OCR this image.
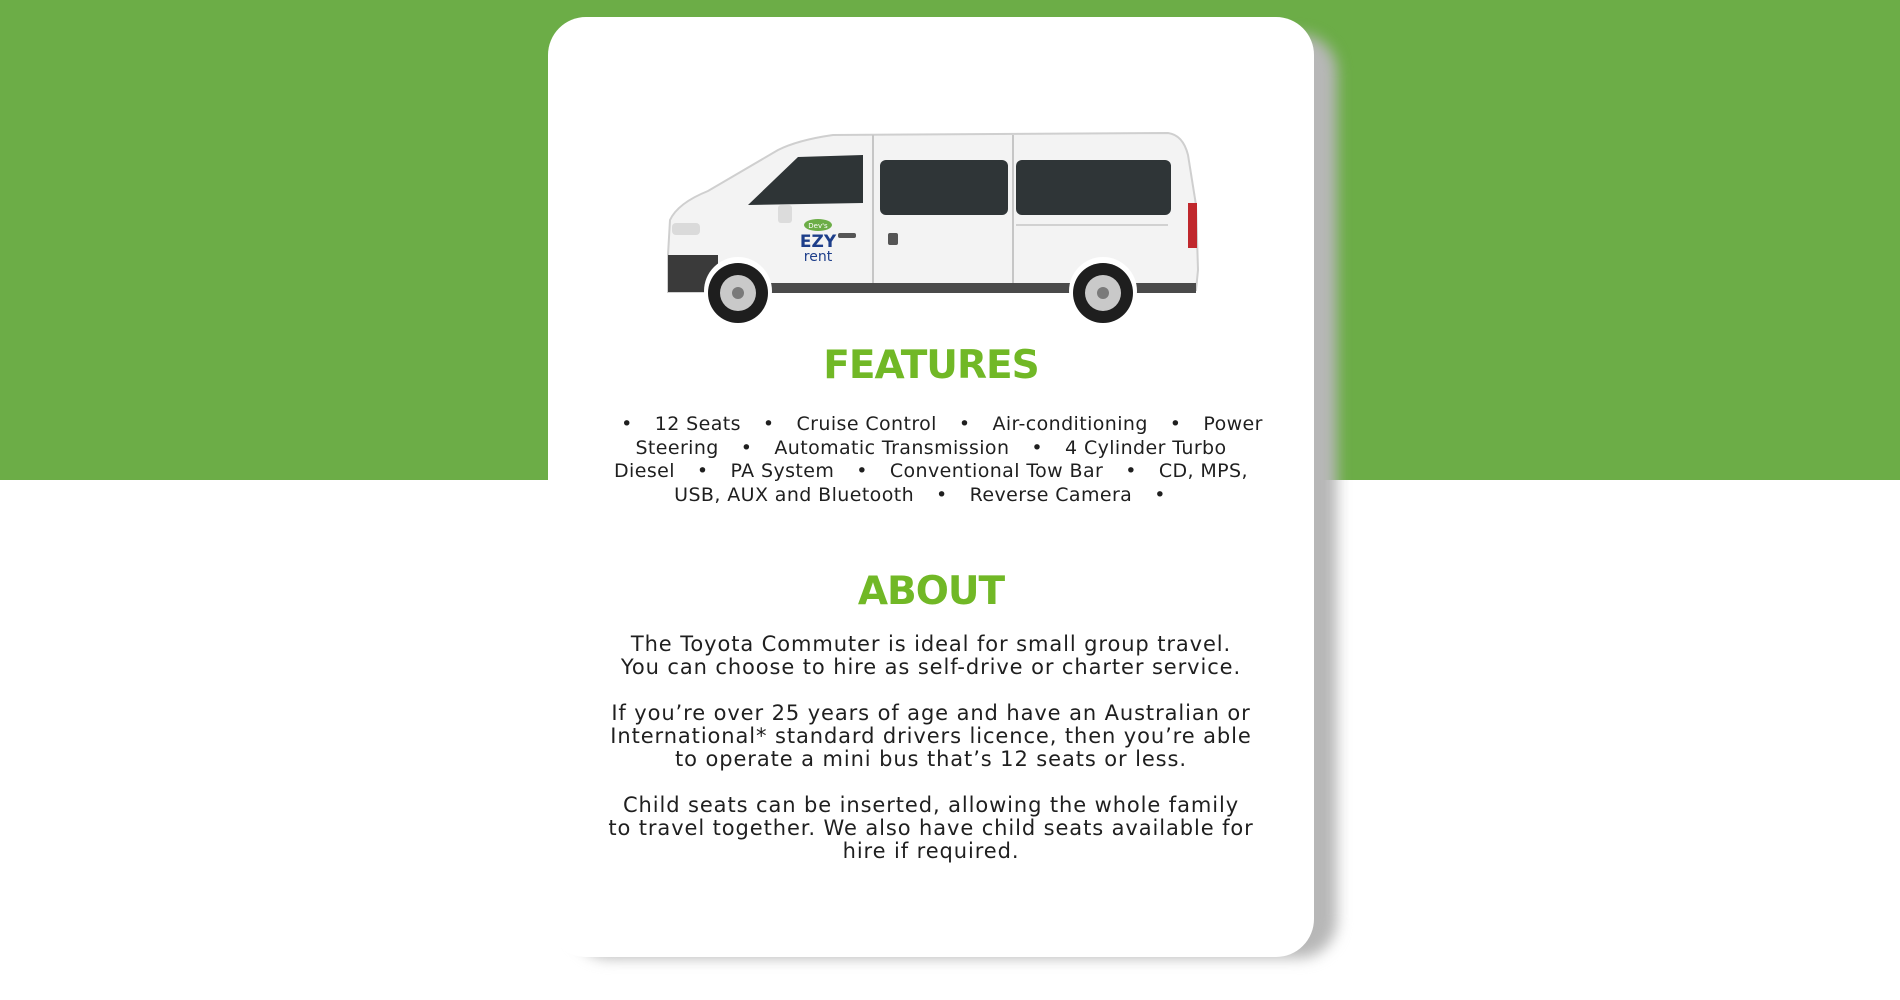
Dev's
EZY
rent
FEATURES
• 12 Seats • Cruise Control • Air-conditioning • Power Steering • Automatic Transmission • 4 Cylinder Turbo Diesel • PA System • Conventional Tow Bar • CD, MPS, USB, AUX and Bluetooth • Reverse Camera •
ABOUT

The Toyota Commuter is ideal for small group travel. You can choose to hire as self-drive or charter service.

If you’re over 25 years of age and have an Australian or International* standard drivers licence, then you’re able to operate a mini bus that’s 12 seats or less.

Child seats can be inserted, allowing the whole family to travel together. We also have child seats available for hire if required.
